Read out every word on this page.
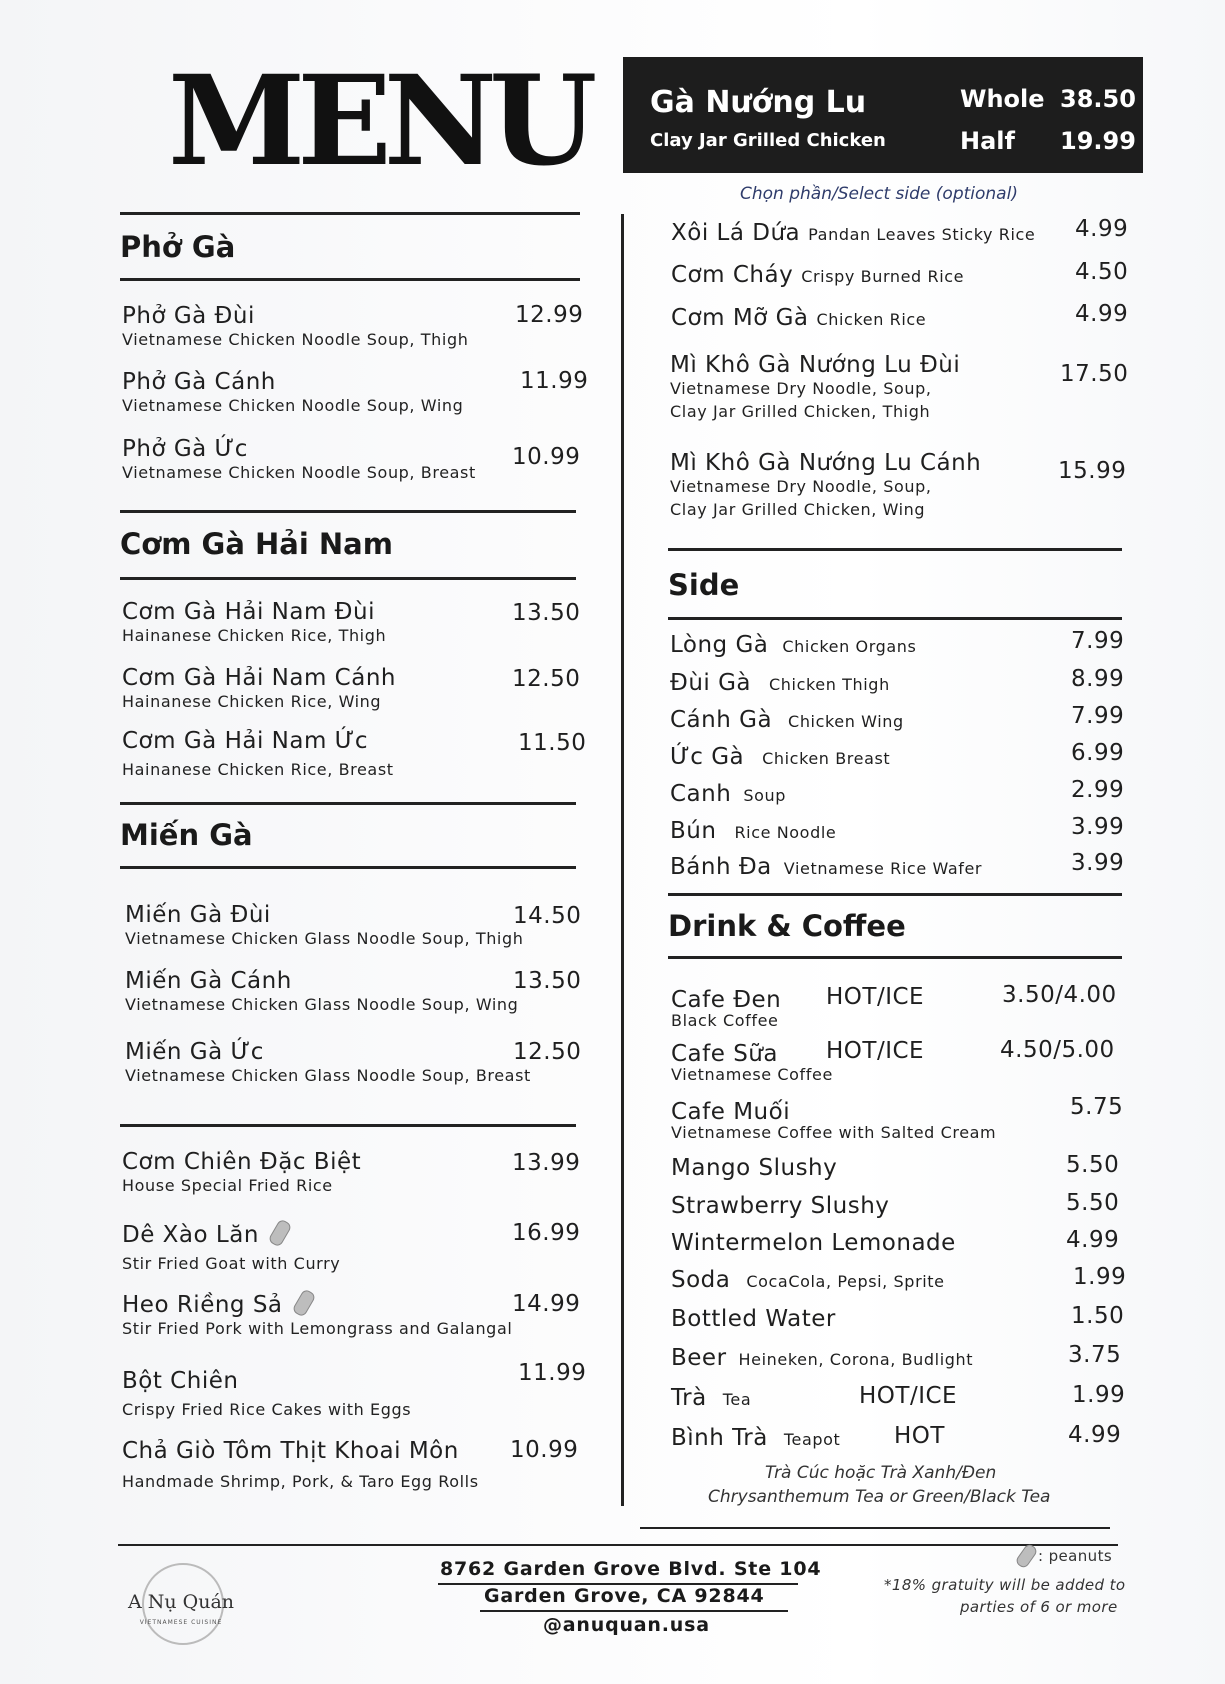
MENU
Phở Gà
Phở Gà Đùi
Vietnamese Chicken Noodle Soup, Thigh
12.99
Phở Gà Cánh
Vietnamese Chicken Noodle Soup, Wing
11.99
Phở Gà Ức
Vietnamese Chicken Noodle Soup, Breast
10.99
Cơm Gà Hải Nam
Cơm Gà Hải Nam Đùi
Hainanese Chicken Rice, Thigh
13.50
Cơm Gà Hải Nam Cánh
Hainanese Chicken Rice, Wing
12.50
Cơm Gà Hải Nam Ức
Hainanese Chicken Rice, Breast
11.50
Miến Gà
Miến Gà Đùi
Vietnamese Chicken Glass Noodle Soup, Thigh
14.50
Miến Gà Cánh
Vietnamese Chicken Glass Noodle Soup, Wing
13.50
Miến Gà Ức
Vietnamese Chicken Glass Noodle Soup, Breast
12.50
Cơm Chiên Đặc Biệt
House Special Fried Rice
13.99
Dê Xào Lăn
Stir Fried Goat with Curry
16.99
Heo Riềng Sả
Stir Fried Pork with Lemongrass and Galangal
14.99
Bột Chiên
Crispy Fried Rice Cakes with Eggs
11.99
Chả Giò Tôm Thịt Khoai Môn
Handmade Shrimp, Pork, & Taro Egg Rolls
10.99
Gà Nướng Lu
Clay Jar Grilled Chicken
Whole 38.50
Half 19.99
Chọn phần/Select side (optional)
Xôi Lá Dứa Pandan Leaves Sticky Rice 4.99
Cơm Cháy Crispy Burned Rice	4.50
Cơm Mỡ Gà Chicken Rice	4.99
Mì Khô Gà Nướng Lu Đùi
Vietnamese Dry Noodle, Soup,
Clay Jar Grilled Chicken, Thigh
17.50
Mì Khô Gà Nướng Lu Cánh
Vietnamese Dry Noodle, Soup,
Clay Jar Grilled Chicken, Wing
15.99
Side
Lòng Gà Chicken Organs	7.99
Đùi Gà Chicken Thigh	8.99
Cánh Gà Chicken Wing	7.99
Ức Gà Chicken Breast	6.99
Canh Soup	2.99
Bún Rice Noodle	3.99
Bánh Đa Vietnamese Rice Wafer	3.99
Drink & Coffee
Cafe Đen
Black Coffee
HOT/ICE	3.50/4.00
Cafe Sữa
Vietnamese Coffee
HOT/ICE	4.50/5.00
Cafe Muối
Vietnamese Coffee with Salted Cream
5.75
Mango Slushy	5.50
Strawberry Slushy	5.50
Wintermelon Lemonade	4.99
Soda CocaCola, Pepsi, Sprite	1.99
Bottled Water	1.50
Beer Heineken, Corona, Budlight	3.75
Trà Tea	HOT/ICE	1.99
Bình Trà Teapot HOT	4.99
Trà Cúc hoặc Trà Xanh/Đen
Chrysanthemum Tea or Green/Black Tea
A Nụ Quán
VIETNAMESE CUISINE
8762 Garden Grove Blvd. Ste 104
Garden Grove, CA 92844
@anuquan.usa
: peanuts
*18% gratuity will be added to
parties of 6 or more
